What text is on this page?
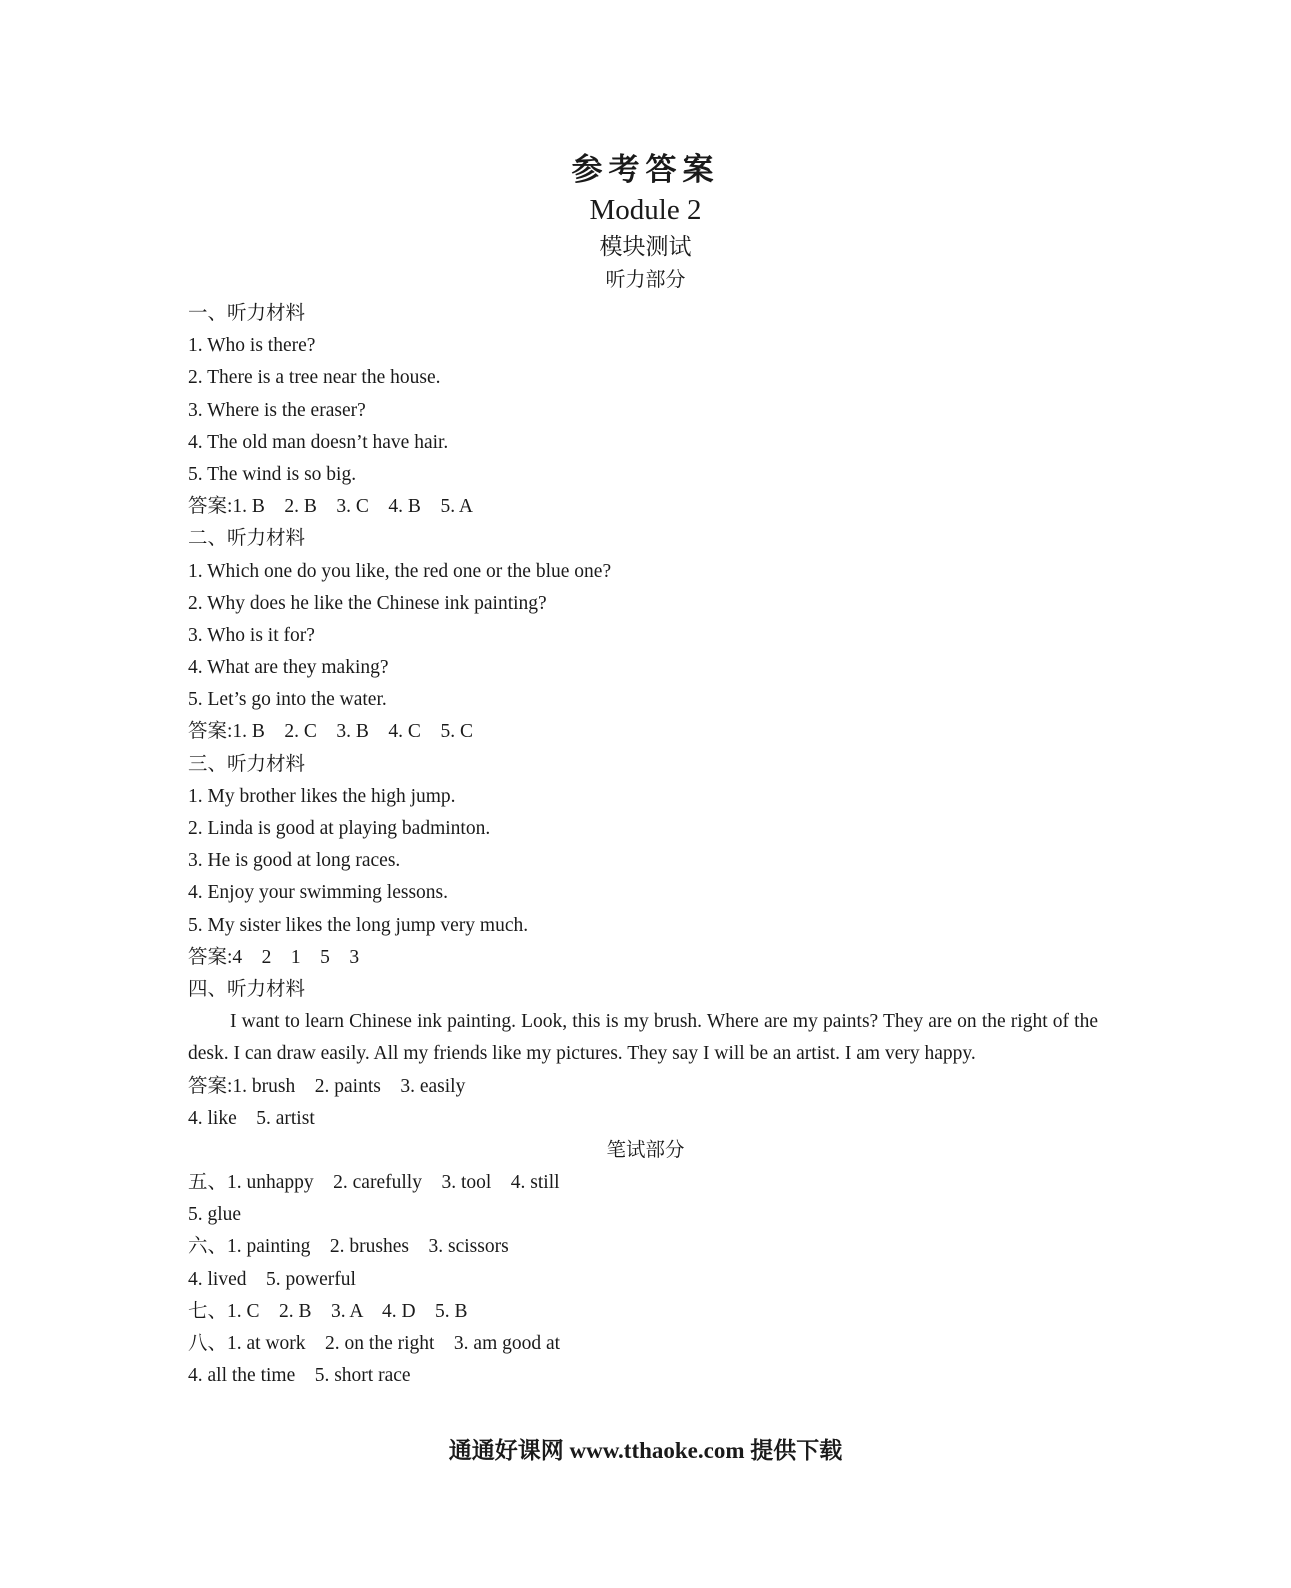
参考答案
Module 2
模块测试
听力部分
一、听力材料
1. Who is there?
2. There is a tree near the house.
3. Where is the eraser?
4. The old man doesn’t have hair.
5. The wind is so big.
答案:1. B    2. B    3. C    4. B    5. A
二、听力材料
1. Which one do you like, the red one or the blue one?
2. Why does he like the Chinese ink painting?
3. Who is it for?
4. What are they making?
5. Let’s go into the water.
答案:1. B    2. C    3. B    4. C    5. C
三、听力材料
1. My brother likes the high jump.
2. Linda is good at playing badminton.
3. He is good at long races.
4. Enjoy your swimming lessons.
5. My sister likes the long jump very much.
答案:4    2    1    5    3
四、听力材料
I want to learn Chinese ink painting. Look, this is my brush. Where are my paints? They are on the right of the desk. I can draw easily. All my friends like my pictures. They say I will be an artist. I am very happy.
答案:1. brush    2. paints    3. easily
4. like    5. artist
笔试部分
五、1. unhappy    2. carefully    3. tool    4. still
5. glue
六、1. painting    2. brushes    3. scissors
4. lived    5. powerful
七、1. C    2. B    3. A    4. D    5. B
八、1. at work    2. on the right    3. am good at
4. all the time    5. short race
通通好课网 www.tthaoke.com 提供下载
